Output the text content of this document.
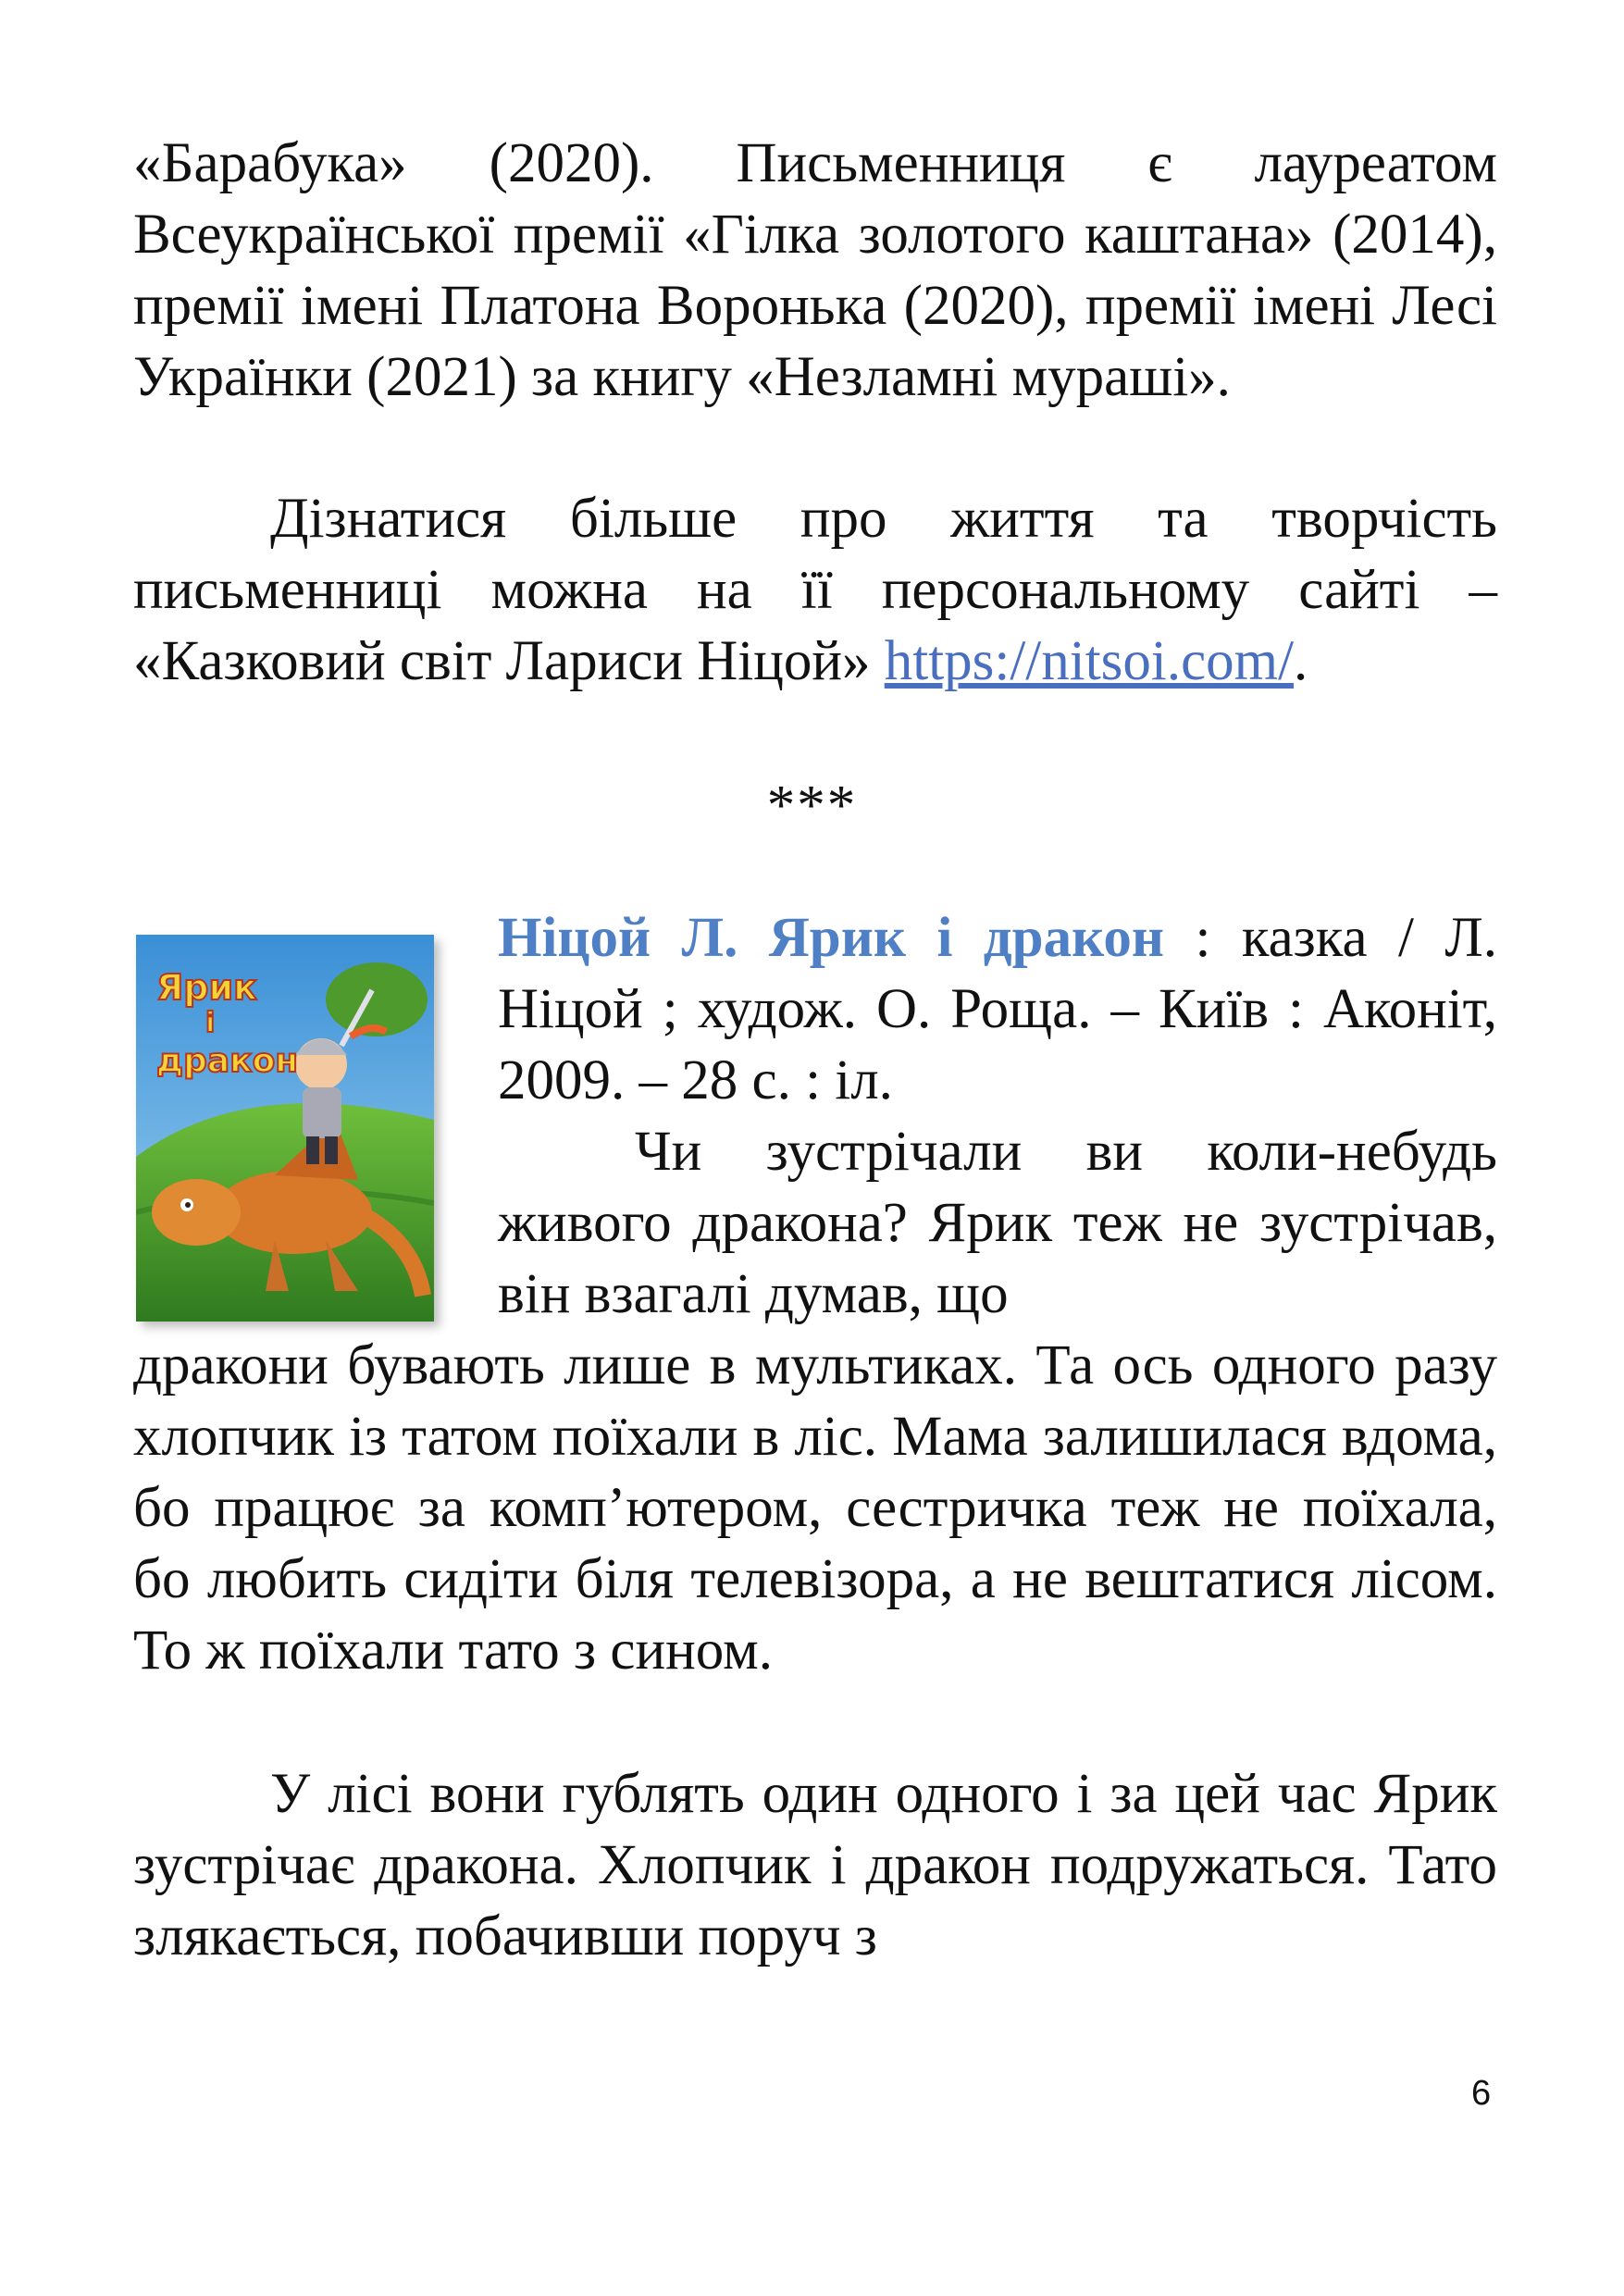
«Барабука» (2020). Письменниця є лауреатом Всеукраїнської премії «Гілка золотого каштана» (2014), премії імені Платона Воронька (2020), премії імені Лесі Українки (2021) за книгу «Незламні мураші».

Дізнатися більше про життя та творчість письменниці можна на її персональному сайті – «Казковий світ Лариси Ніцой» https://nitsoi.com/.

***
Ярик
і
дракон

Ніцой Л. Ярик і дракон : казка / Л. Ніцой ; худож. О. Роща. – Київ : Аконіт, 2009. – 28 с. : іл.

Чи зустрічали ви коли-небудь живого дракона? Ярик теж не зустрічав, він взагалі думав, що

дракони бувають лише в мультиках. Та ось одного разу хлопчик із татом поїхали в ліс. Мама залишилася вдома, бо працює за комп’ютером, сестричка теж не поїхала, бо любить сидіти біля телевізора, а не вештатися лісом. То ж поїхали тато з сином.

У лісі вони гублять один одного і за цей час Ярик зустрічає дракона. Хлопчик і дракон подружаться. Тато злякається, побачивши поруч з

6
